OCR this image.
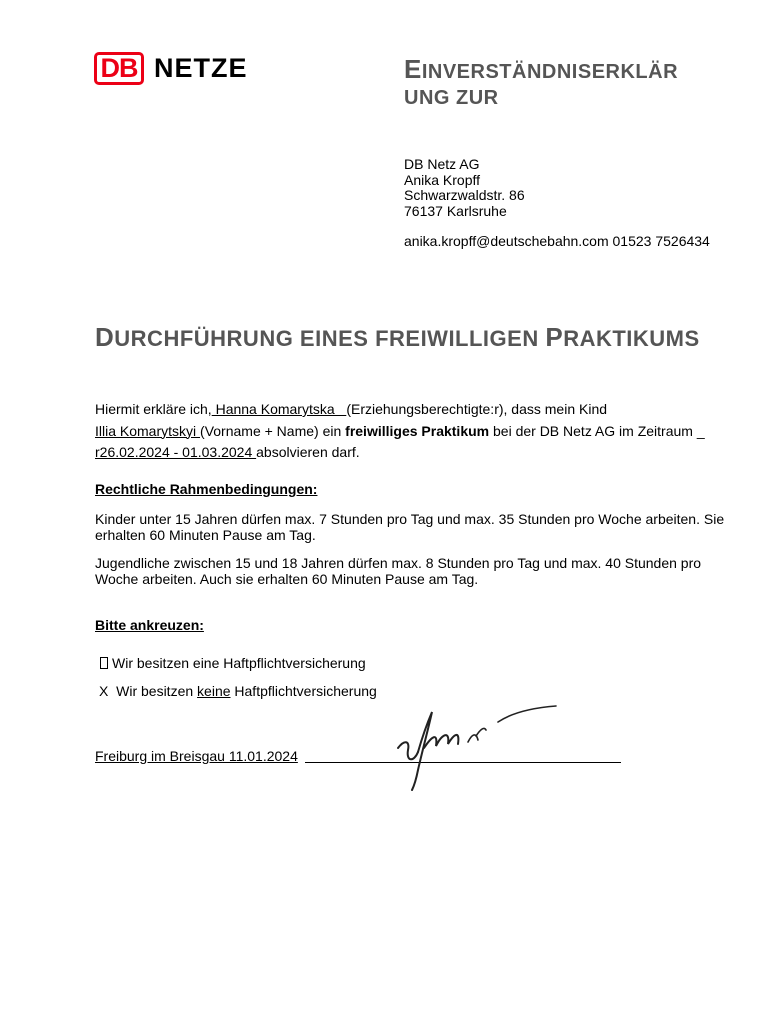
DB NETZE	EINVERSTÄNDNISERKLÄR
UNG ZUR
DB Netz AG
Anika Kropff
Schwarzwaldstr. 86
76137 Karlsruhe
anika.kropff@deutschebahn.com 01523 7526434
DURCHFÜHRUNG EINES FREIWILLIGEN PRAKTIKUMS
Hiermit erkläre ich, Hanna Komarytska   (Erziehungsberechtigte:r), dass mein Kind
Illia Komarytskyi (Vorname + Name) ein freiwilliges Praktikum bei der DB Netz AG im Zeitraum _
r26.02.2024 - 01.03.2024 absolvieren darf.
Rechtliche Rahmenbedingungen:
Kinder unter 15 Jahren dürfen max. 7 Stunden pro Tag und max. 35 Stunden pro Woche arbeiten. Sie erhalten 60 Minuten Pause am Tag.
Jugendliche zwischen 15 und 18 Jahren dürfen max. 8 Stunden pro Tag und max. 40 Stunden pro Woche arbeiten. Auch sie erhalten 60 Minuten Pause am Tag.
Bitte ankreuzen:
Wir besitzen eine Haftpflichtversicherung
X Wir besitzen keine Haftpflichtversicherung
Freiburg im Breisgau 11.01.2024
